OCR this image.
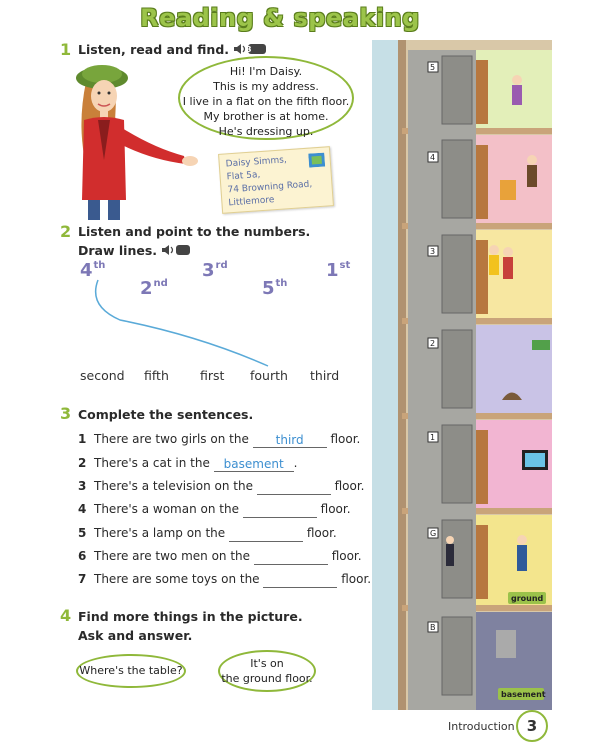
Reading & speaking
1 Listen, read and find. 3
Hi! I'm Daisy.
This is my address.
I live in a flat on the fifth floor.
My brother is at home.
He's dressing up.
Daisy Simms,
Flat 5a,
74 Browning Road,
Littlemore
2 Listen and point to the numbers.
Draw lines.
4th
2nd
3rd
5th
1st
second fifth first fourth third
3 Complete the sentences.
1 There are two girls on the third floor.
2 There's a cat in the basement .
3 There's a television on the	floor.
4 There's a woman on the	floor.
5 There's a lamp on the	floor.
6 There are two men on the	floor.
7 There are some toys on the	floor.
4 Find more things in the picture.
Ask and answer.
Where's the table?
It's on
the ground floor.
5
4
3
2
1
G
B
ground
basement
Introduction 3
